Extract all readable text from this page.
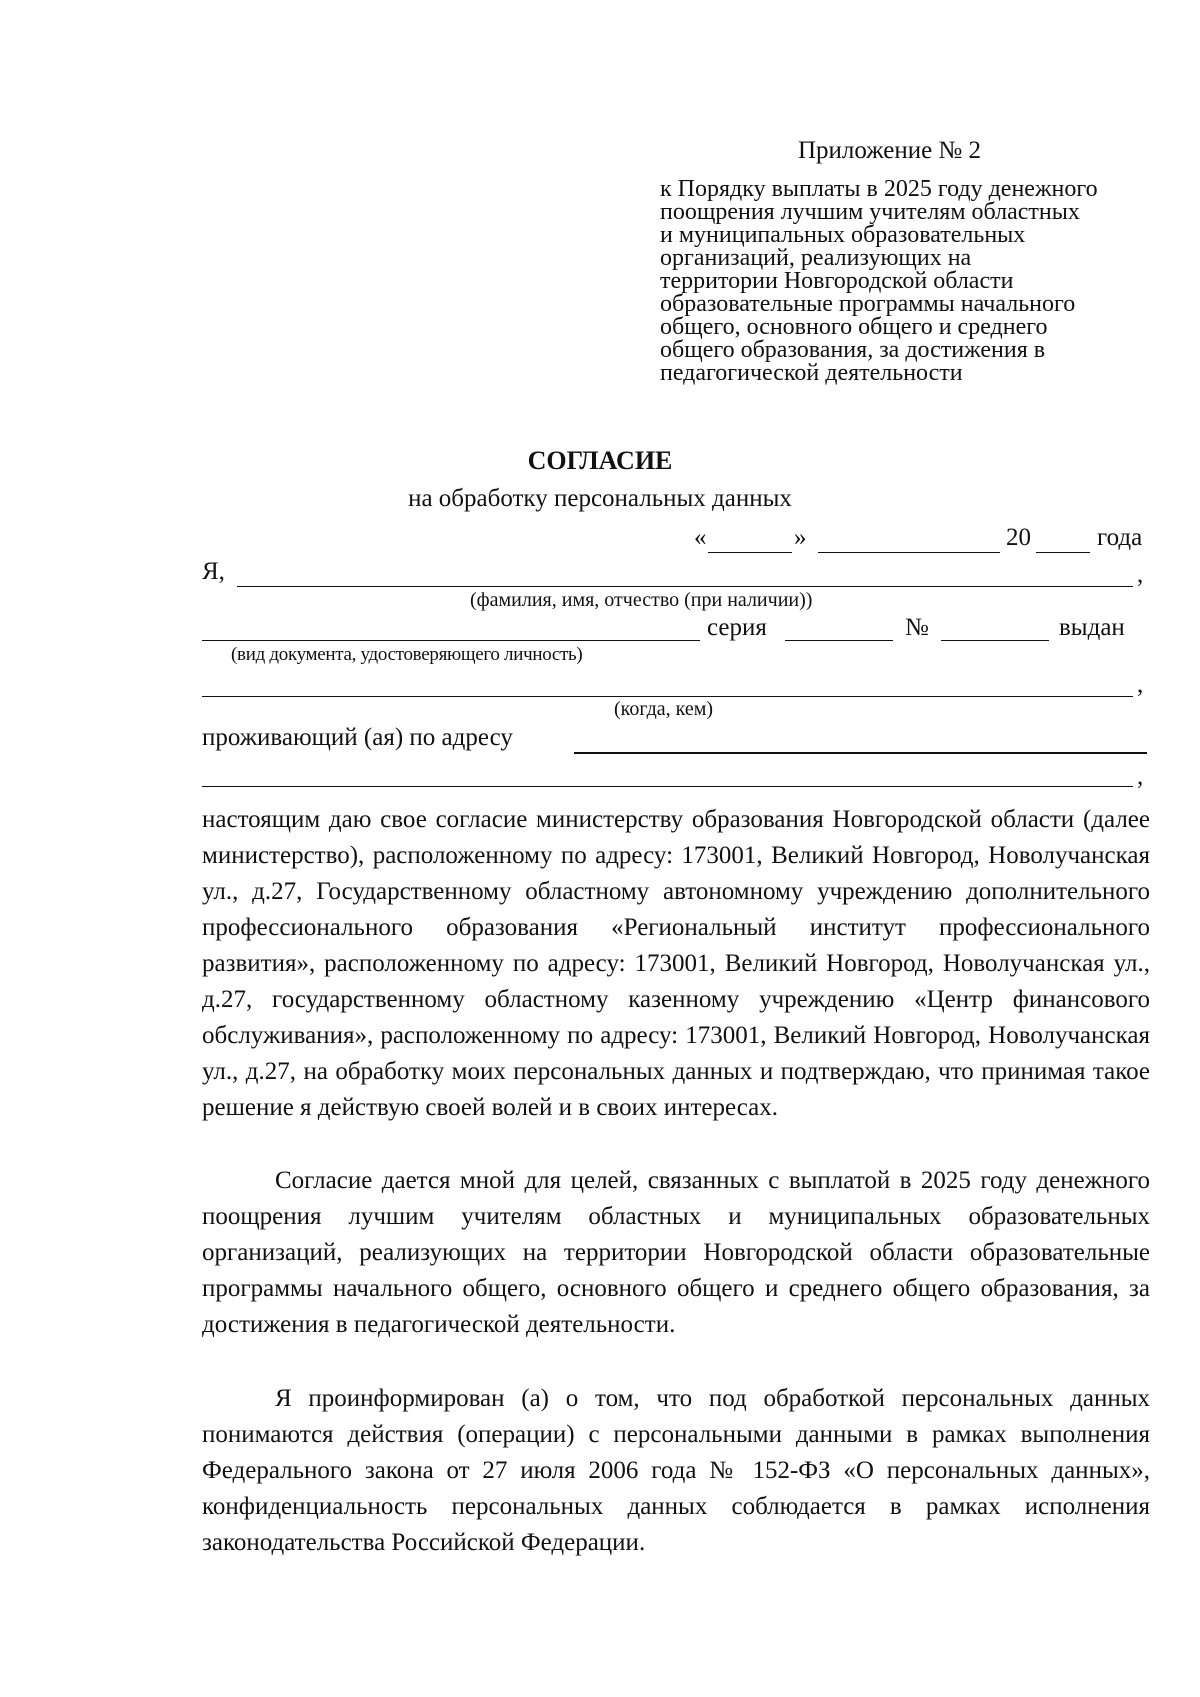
Приложение № 2
к Порядку выплаты в 2025 году денежного
поощрения лучшим учителям областных
и муниципальных образовательных
организаций, реализующих на
территории Новгородской области
образовательные программы начального
общего, основного общего и среднего
общего образования, за достижения в
педагогической деятельности
СОГЛАСИЕ
на обработку персональных данных
«	»	20	года
Я,	,
(фамилия, имя, отчество (при наличии))
серия	№	выдан
(вид документа, удостоверяющего личность)
,
(когда, кем)
проживающий (ая) по адресу
,

настоящим даю свое согласие министерству образования Новгородской области (далее министерство), расположенному по адресу: 173001, Великий Новгород, Новолучанская ул., д.27, Государственному областному автономному учреждению дополнительного профессионального образования «Региональный институт профессионального развития», расположенному по адресу: 173001, Великий Новгород, Новолучанская ул., д.27, государственному областному казенному учреждению «Центр финансового обслуживания», расположенному по адресу: 173001, Великий Новгород, Новолучанская ул., д.27, на обработку моих персональных данных и подтверждаю, что принимая такое решение я действую своей волей и в своих интересах.

Согласие дается мной для целей, связанных с выплатой в 2025 году денежного поощрения лучшим учителям областных и муниципальных образовательных организаций, реализующих на территории Новгородской области образовательные программы начального общего, основного общего и среднего общего образования, за достижения в педагогической деятельности.

Я проинформирован (а) о том, что под обработкой персональных данных понимаются действия (операции) с персональными данными в рамках выполнения Федерального закона от 27 июля 2006 года № 152-ФЗ «О персональных данных», конфиденциальность персональных данных соблюдается в рамках исполнения законодательства Российской Федерации.
